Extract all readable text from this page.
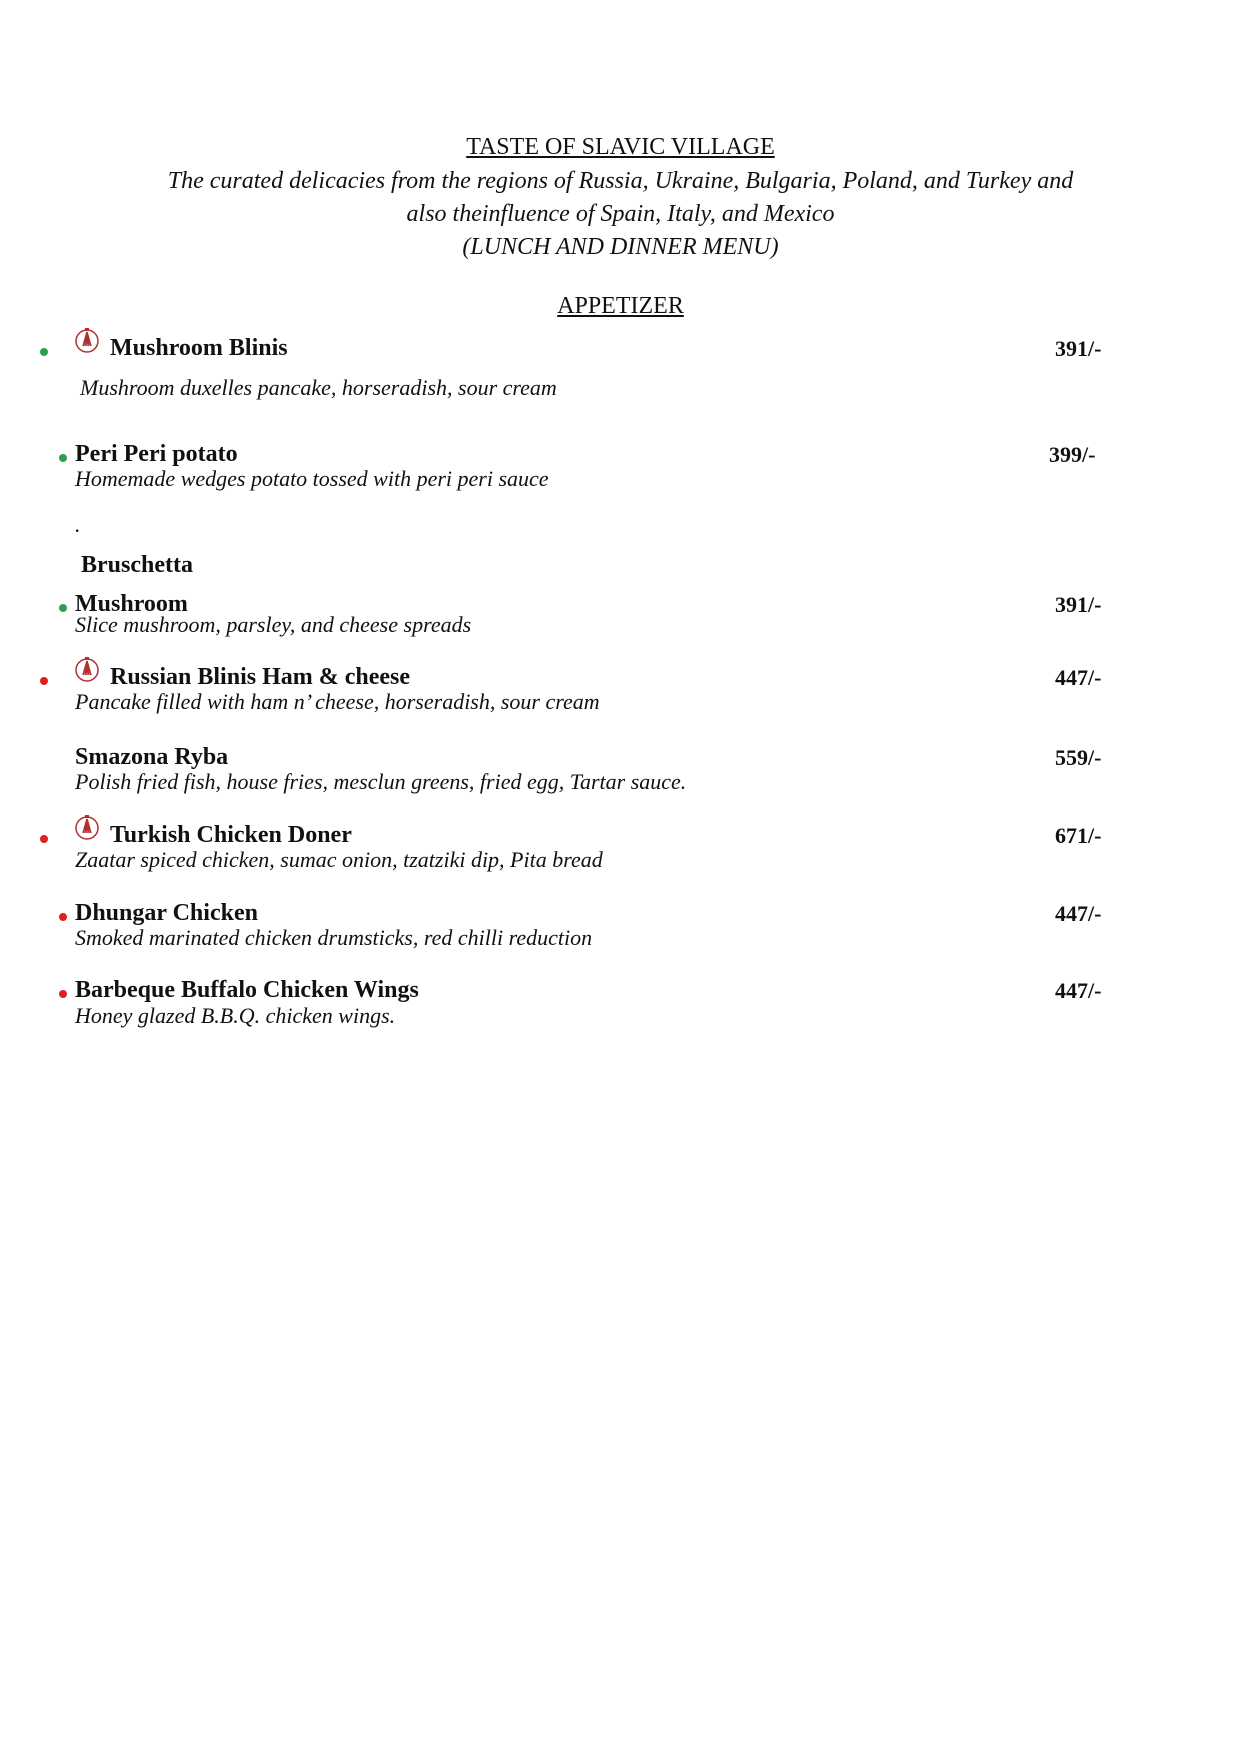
TASTE OF SLAVIC VILLAGE
The curated delicacies from the regions of Russia, Ukraine, Bulgaria, Poland, and Turkey and
also theinfluence of Spain, Italy, and Mexico
(LUNCH AND DINNER MENU)
APPETIZER
Bruschetta
.
Mushroom Blinis	391/-
Mushroom duxelles pancake, horseradish, sour cream
Peri Peri potato	399/-
Homemade wedges potato tossed with peri peri sauce
Mushroom	391/-
Slice mushroom, parsley, and cheese spreads
Russian Blinis Ham & cheese	447/-
Pancake filled with ham n’ cheese, horseradish, sour cream
Smazona Ryba	559/-
Polish fried fish, house fries, mesclun greens, fried egg, Tartar sauce.
Turkish Chicken Doner	671/-
Zaatar spiced chicken, sumac onion, tzatziki dip, Pita bread
Dhungar Chicken	447/-
Smoked marinated chicken drumsticks, red chilli reduction
Barbeque Buffalo Chicken Wings	447/-
Honey glazed B.B.Q. chicken wings.
